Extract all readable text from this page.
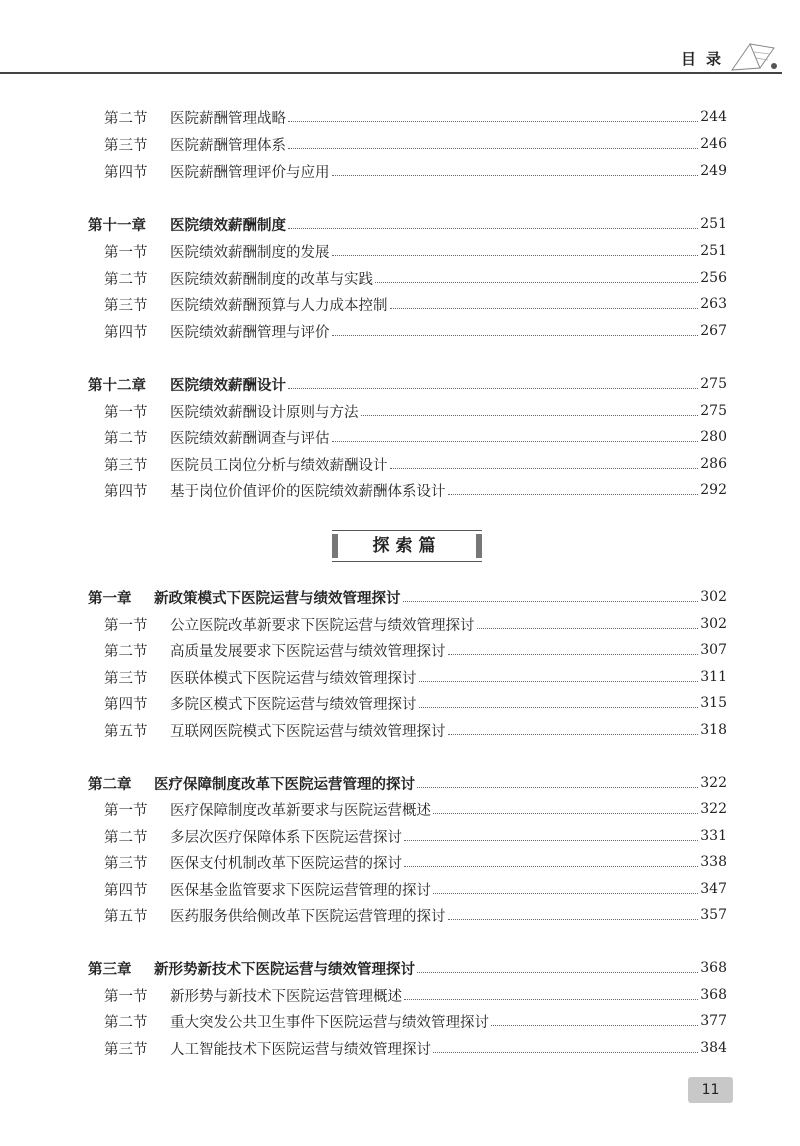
目录
第二节 医院薪酬管理战略	244
第三节 医院薪酬管理体系	246
第四节 医院薪酬管理评价与应用	249
第十一章 医院绩效薪酬制度	251
第一节 医院绩效薪酬制度的发展	251
第二节 医院绩效薪酬制度的改革与实践	256
第三节 医院绩效薪酬预算与人力成本控制	263
第四节 医院绩效薪酬管理与评价	267
第十二章 医院绩效薪酬设计	275
第一节 医院绩效薪酬设计原则与方法	275
第二节 医院绩效薪酬调查与评估	280
第三节 医院员工岗位分析与绩效薪酬设计	286
第四节 基于岗位价值评价的医院绩效薪酬体系设计	292
第一章 新政策模式下医院运营与绩效管理探讨	302
第一节 公立医院改革新要求下医院运营与绩效管理探讨	302
第二节 高质量发展要求下医院运营与绩效管理探讨	307
第三节 医联体模式下医院运营与绩效管理探讨	311
第四节 多院区模式下医院运营与绩效管理探讨	315
第五节 互联网医院模式下医院运营与绩效管理探讨	318
第二章 医疗保障制度改革下医院运营管理的探讨	322
第一节 医疗保障制度改革新要求与医院运营概述	322
第二节 多层次医疗保障体系下医院运营探讨	331
第三节 医保支付机制改革下医院运营的探讨	338
第四节 医保基金监管要求下医院运营管理的探讨	347
第五节 医药服务供给侧改革下医院运营管理的探讨	357
第三章 新形势新技术下医院运营与绩效管理探讨	368
第一节 新形势与新技术下医院运营管理概述	368
第二节 重大突发公共卫生事件下医院运营与绩效管理探讨	377
第三节 人工智能技术下医院运营与绩效管理探讨	384
探索篇
11
